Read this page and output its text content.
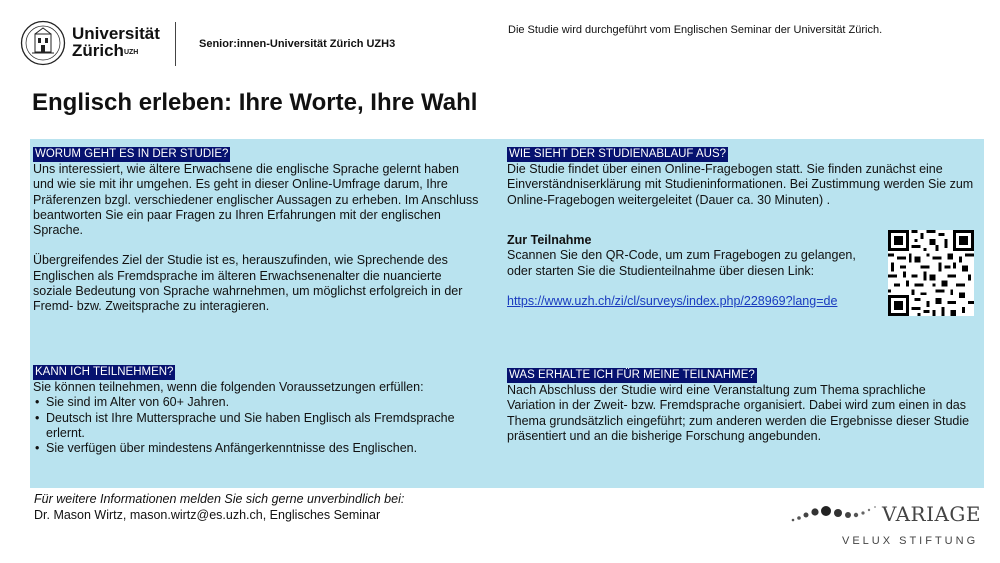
Universität
Zürich$^{UZH}$
Senior:innen-Universität Zürich UZH3
Die Studie wird durchgeführt vom Englischen Seminar der Universität Zürich.
Englisch erleben: Ihre Worte, Ihre Wahl
WORUM GEHT ES IN DER STUDIE?

Uns interessiert, wie ältere Erwachsene die englische Sprache gelernt haben und wie sie mit ihr umgehen. Es geht in dieser Online-Umfrage darum, Ihre Präferenzen bzgl. verschiedener englischer Aussagen zu erheben. Im Anschluss beantworten Sie ein paar Fragen zu Ihren Erfahrungen mit der englischen Sprache.

Übergreifendes Ziel der Studie ist es, herauszufinden, wie Sprechende des Englischen als Fremdsprache im älteren Erwachsenenalter die nuancierte soziale Bedeutung von Sprache wahrnehmen, um möglichst erfolgreich in der Fremd- bzw. Zweitsprache zu interagieren.

KANN ICH TEILNEHMEN?

Sie können teilnehmen, wenn die folgenden Voraussetzungen erfüllen:

• Sie sind im Alter von 60+ Jahren.
• Deutsch ist Ihre Muttersprache und Sie haben Englisch als Fremdsprache erlernt.
• Sie verfügen über mindestens Anfängerkenntnisse des Englischen.
WIE SIEHT DER STUDIENABLAUF AUS?

Die Studie findet über einen Online-Fragebogen statt. Sie finden zunächst eine Einverständniserklärung mit Studieninformationen. Bei Zustimmung werden Sie zum Online-Fragebogen weitergeleitet (Dauer ca. 30 Minuten) .

Zur Teilnahme

Scannen Sie den QR-Code, um zum Fragebogen zu gelangen, oder starten Sie die Studienteilnahme über diesen Link:

https://www.uzh.ch/zi/cl/surveys/index.php/228969?lang=de
WAS ERHALTE ICH FÜR MEINE TEILNAHME?

Nach Abschluss der Studie wird eine Veranstaltung zum Thema sprachliche Variation in der Zweit- bzw. Fremdsprache organisiert. Dabei wird zum einen in das Thema grundsätzlich eingeführt; zum anderen werden die Ergebnisse dieser Studie präsentiert und an die bisherige Forschung angebunden.

Für weitere Informationen melden Sie sich gerne unverbindlich bei:
Dr. Mason Wirtz, mason.wirtz@es.uzh.ch, Englisches Seminar	VARIAGE
VELUX STIFTUNG
